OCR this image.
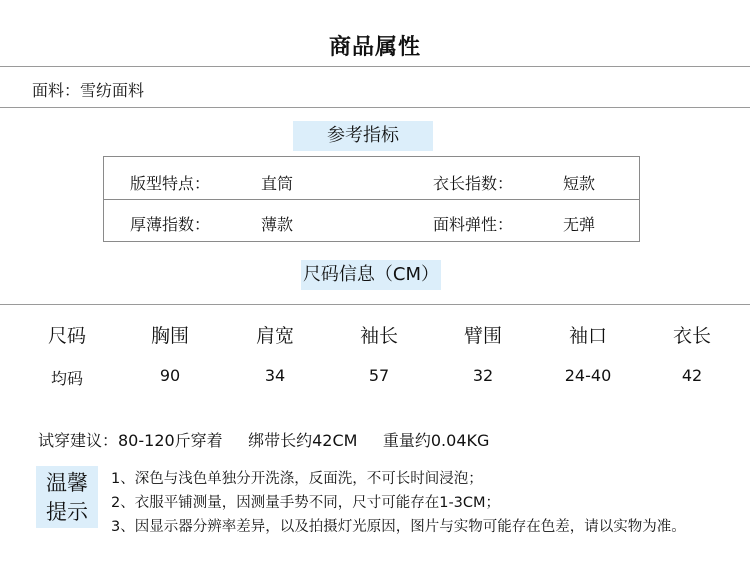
商品属性
面料：雪纺面料
参考指标
版型特点：	直筒	衣长指数：	短款
厚薄指数：	薄款	面料弹性：	无弹
尺码信息（CM）
尺码	胸围	肩宽	袖长	臂围	袖口	衣长
均码	90	34	57	32	24-40	42
试穿建议：80-120斤穿着     绑带长约42CM     重量约0.04KG
温馨
提示
1、深色与浅色单独分开洗涤，反面洗，不可长时间浸泡；
2、衣服平铺测量，因测量手势不同，尺寸可能存在1-3CM；
3、因显示器分辨率差异，以及拍摄灯光原因，图片与实物可能存在色差，请以实物为准。
